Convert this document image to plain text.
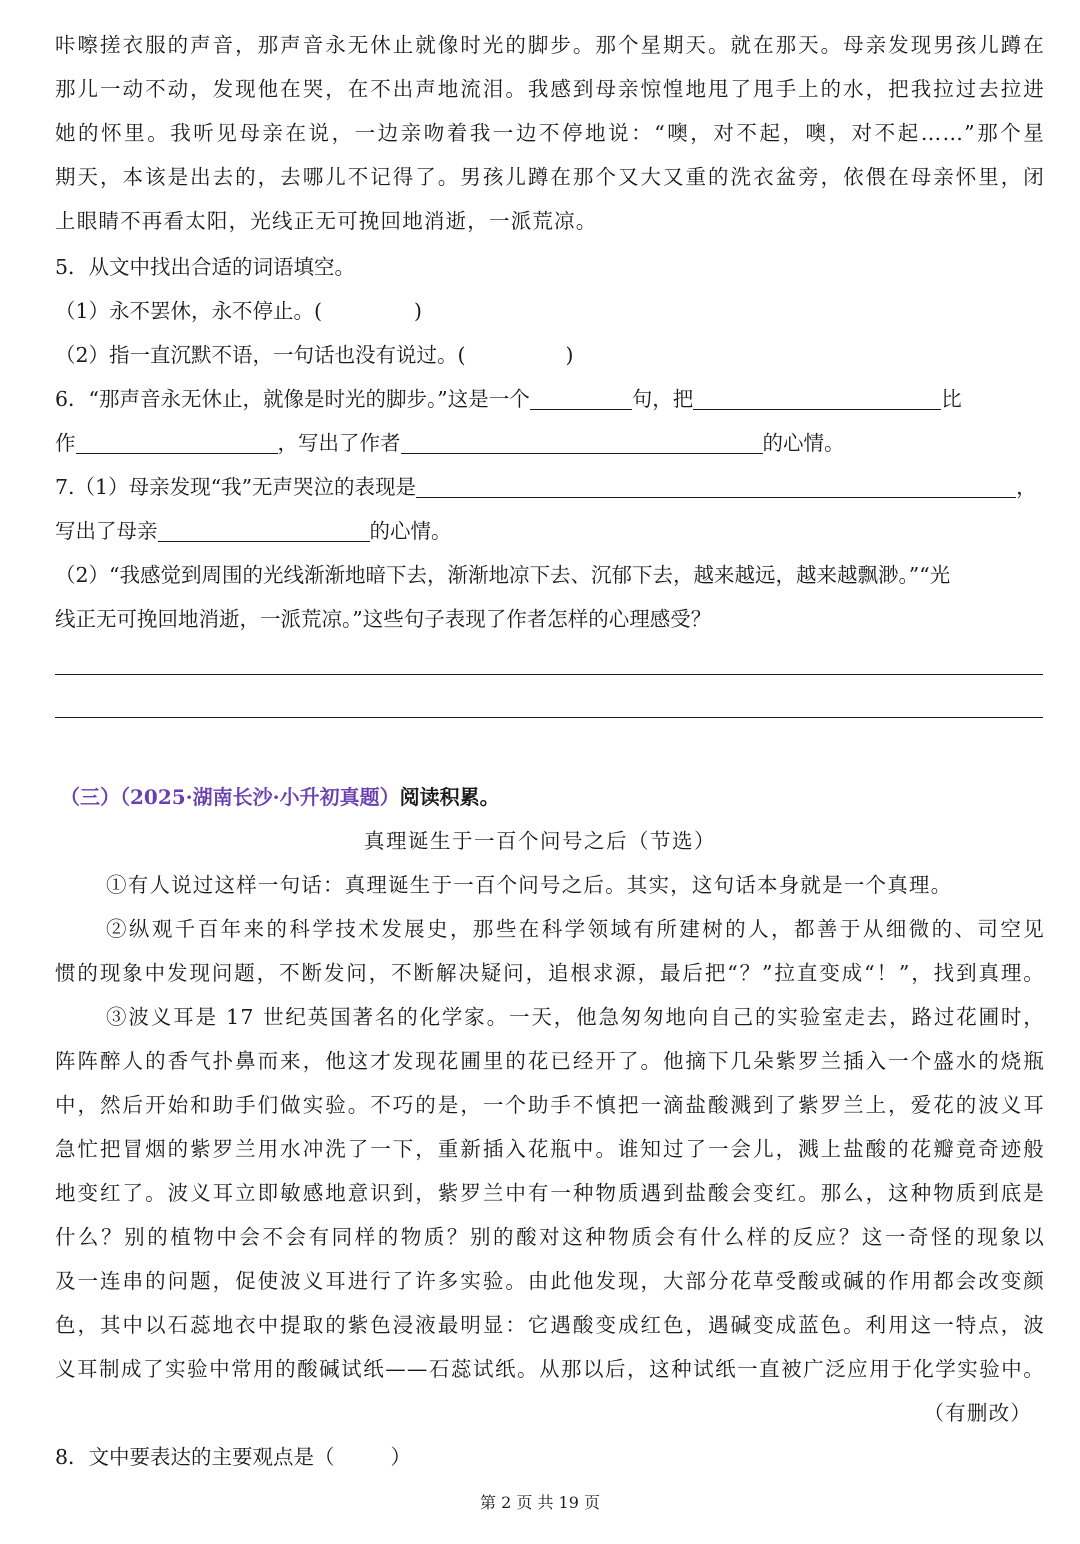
咔嚓搓衣服的声音，那声音永无休止就像时光的脚步。那个星期天。就在那天。母亲发现男孩儿蹲在
那儿一动不动，发现他在哭，在不出声地流泪。我感到母亲惊惶地甩了甩手上的水，把我拉过去拉进
她的怀里。我听见母亲在说，一边亲吻着我一边不停地说：“噢，对不起，噢，对不起……”那个星
期天，本该是出去的，去哪儿不记得了。男孩儿蹲在那个又大又重的洗衣盆旁，依偎在母亲怀里，闭
上眼睛不再看太阳，光线正无可挽回地消逝，一派荒凉。
5．从文中找出合适的词语填空。
（1）永不罢休，永不停止。(	)
（2）指一直沉默不语，一句话也没有说过。(	)
6．“那声音永无休止，就像是时光的脚步。”这是一个	句，把	比
作	，写出了作者	的心情。
7.（1）母亲发现“我”无声哭泣的表现是	，
写出了母亲	的心情。
（2）“我感觉到周围的光线渐渐地暗下去，渐渐地凉下去、沉郁下去，越来越远，越来越飘渺。”“光
线正无可挽回地消逝，一派荒凉。”这些句子表现了作者怎样的心理感受？
（三）（2025·湖南长沙·小升初真题）阅读积累。
真理诞生于一百个问号之后（节选）
①有人说过这样一句话：真理诞生于一百个问号之后。其实，这句话本身就是一个真理。
②纵观千百年来的科学技术发展史，那些在科学领域有所建树的人，都善于从细微的、司空见
惯的现象中发现问题，不断发问，不断解决疑问，追根求源，最后把“？”拉直变成“！”，找到真理。
③波义耳是 17 世纪英国著名的化学家。一天，他急匆匆地向自己的实验室走去，路过花圃时，
阵阵醉人的香气扑鼻而来，他这才发现花圃里的花已经开了。他摘下几朵紫罗兰插入一个盛水的烧瓶
中，然后开始和助手们做实验。不巧的是，一个助手不慎把一滴盐酸溅到了紫罗兰上，爱花的波义耳
急忙把冒烟的紫罗兰用水冲洗了一下，重新插入花瓶中。谁知过了一会儿，溅上盐酸的花瓣竟奇迹般
地变红了。波义耳立即敏感地意识到，紫罗兰中有一种物质遇到盐酸会变红。那么，这种物质到底是
什么？别的植物中会不会有同样的物质？别的酸对这种物质会有什么样的反应？这一奇怪的现象以
及一连串的问题，促使波义耳进行了许多实验。由此他发现，大部分花草受酸或碱的作用都会改变颜
色，其中以石蕊地衣中提取的紫色浸液最明显：它遇酸变成红色，遇碱变成蓝色。利用这一特点，波
义耳制成了实验中常用的酸碱试纸——石蕊试纸。从那以后，这种试纸一直被广泛应用于化学实验中。
（有删改）
8．文中要表达的主要观点是（	）
第 2 页 共 19 页
